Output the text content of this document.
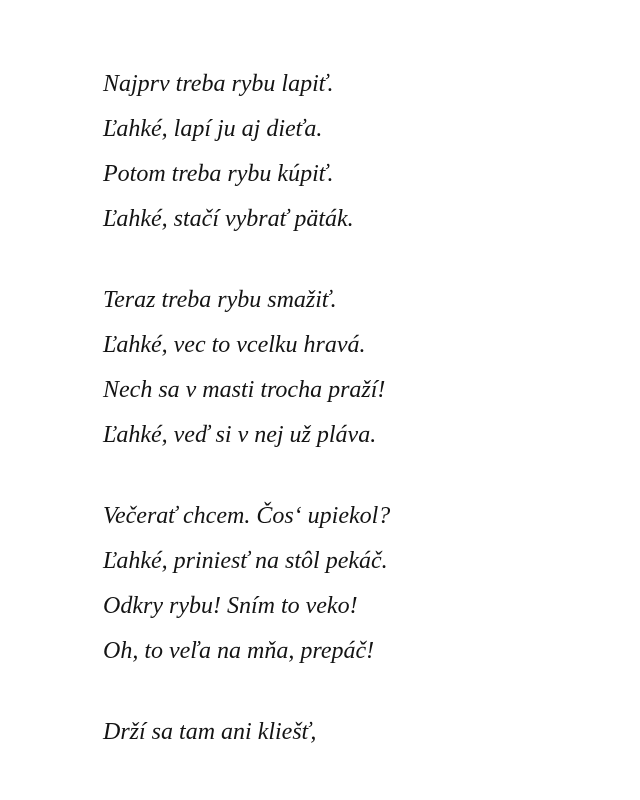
Najprv treba rybu lapiť.
Ľahké, lapí ju aj dieťa.
Potom treba rybu kúpiť.
Ľahké, stačí vybrať päták.
Teraz treba rybu smažiť.
Ľahké, vec to vcelku hravá.
Nech sa v masti trocha praží!
Ľahké, veď si v nej už pláva.
Večerať chcem. Čos‘ upiekol?
Ľahké, priniesť na stôl pekáč.
Odkry rybu! Sním to veko!
Oh, to veľa na mňa, prepáč!
Drží sa tam ani kliešť,
